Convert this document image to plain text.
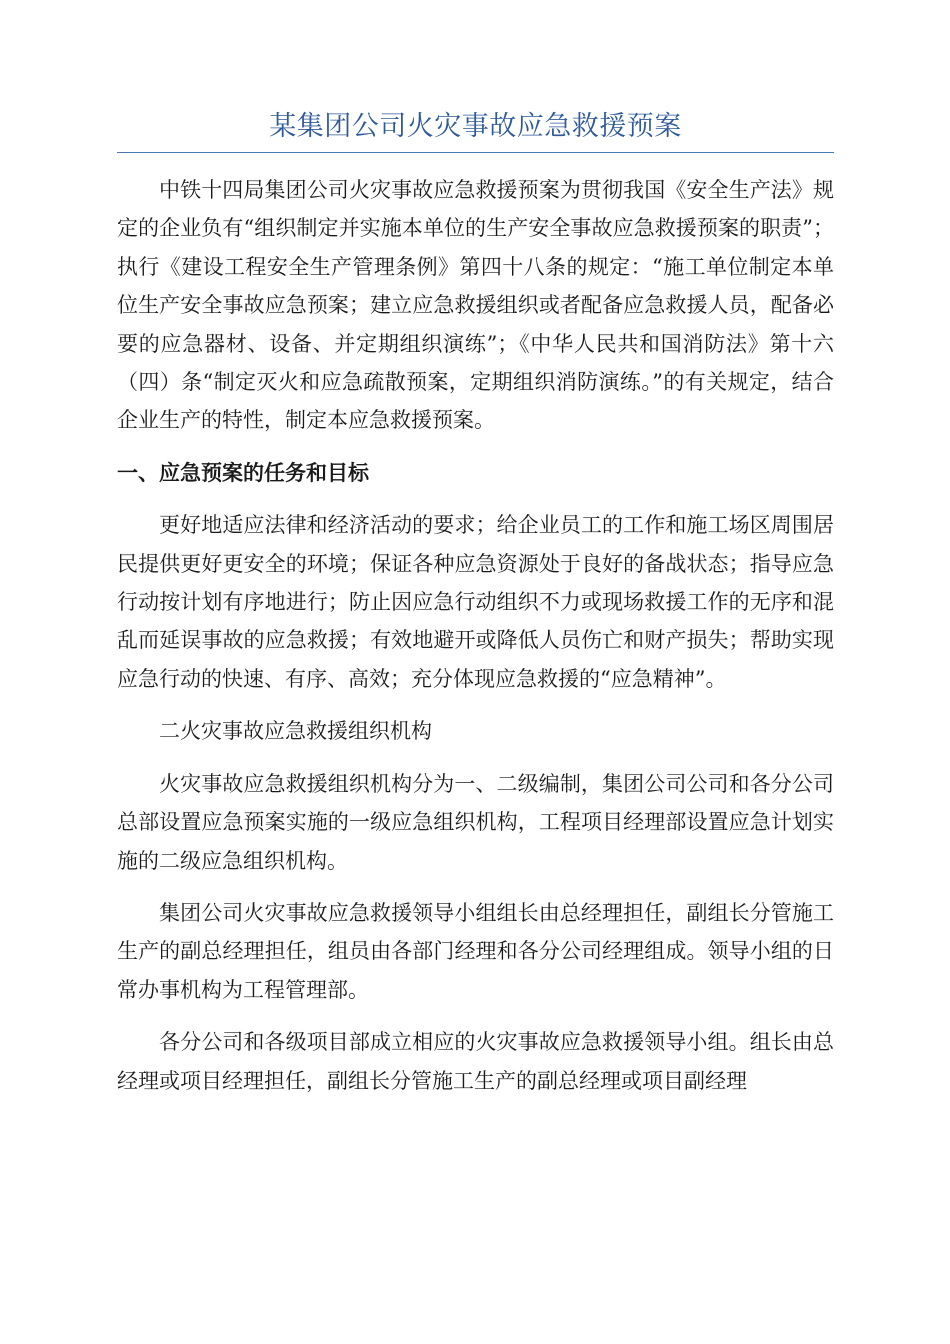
某集团公司火灾事故应急救援预案

中铁十四局集团公司火灾事故应急救援预案为贯彻我国《安全生产法》规定的企业负有“组织制定并实施本单位的生产安全事故应急救援预案的职责”；执行《建设工程安全生产管理条例》第四十八条的规定：“施工单位制定本单位生产安全事故应急预案；建立应急救援组织或者配备应急救援人员，配备必要的应急器材、设备、并定期组织演练”；《中华人民共和国消防法》第十六（四）条“制定灭火和应急疏散预案，定期组织消防演练。”的有关规定，结合企业生产的特性，制定本应急救援预案。

一、应急预案的任务和目标

更好地适应法律和经济活动的要求；给企业员工的工作和施工场区周围居民提供更好更安全的环境；保证各种应急资源处于良好的备战状态；指导应急行动按计划有序地进行；防止因应急行动组织不力或现场救援工作的无序和混乱而延误事故的应急救援；有效地避开或降低人员伤亡和财产损失；帮助实现应急行动的快速、有序、高效；充分体现应急救援的“应急精神”。

二火灾事故应急救援组织机构

火灾事故应急救援组织机构分为一、二级编制，集团公司公司和各分公司总部设置应急预案实施的一级应急组织机构，工程项目经理部设置应急计划实施的二级应急组织机构。

集团公司火灾事故应急救援领导小组组长由总经理担任，副组长分管施工生产的副总经理担任，组员由各部门经理和各分公司经理组成。领导小组的日常办事机构为工程管理部。

各分公司和各级项目部成立相应的火灾事故应急救援领导小组。组长由总经理或项目经理担任，副组长分管施工生产的副总经理或项目副经理
